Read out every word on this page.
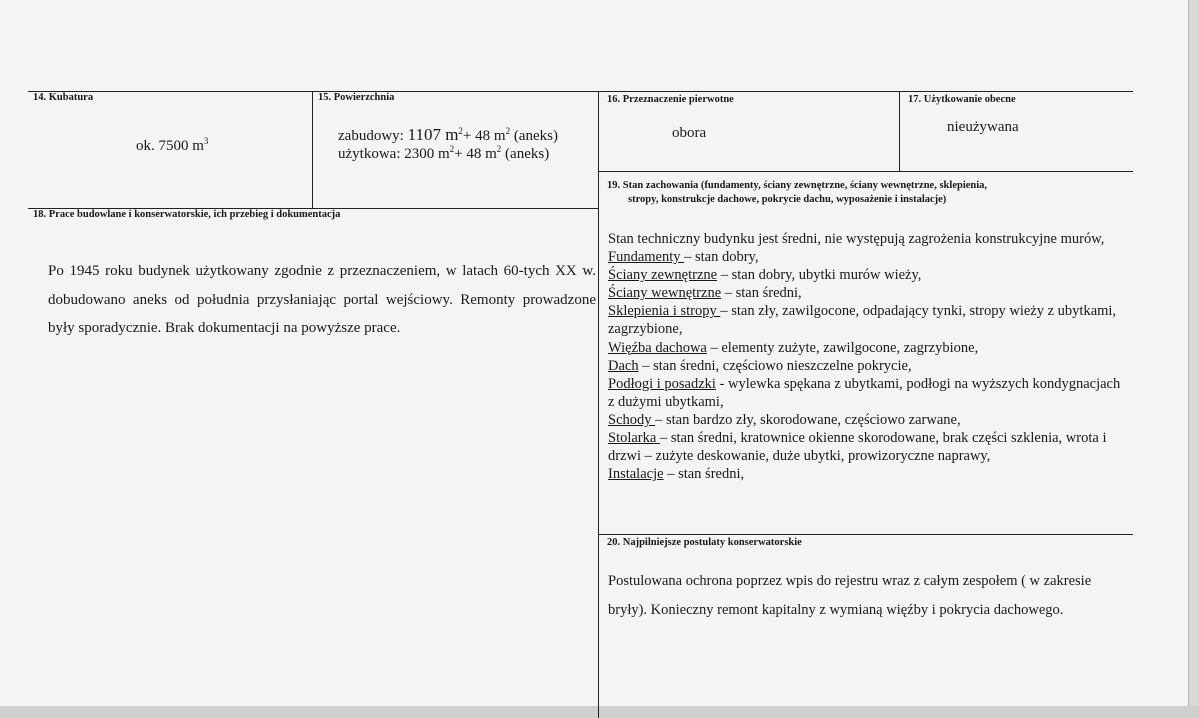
14. Kubatura
ok. 7500 $m^3$
15. Powierzchnia
zabudowy: 1107 $m^2+ 48$ $m^2$ (aneks)
użytkowa: 2300 $m^2+ 48$ $m^2$ (aneks)
16. Przeznaczenie pierwotne
obora
17. Użytkowanie obecne
nieużywana
18. Prace budowlane i konserwatorskie, ich przebieg i dokumentacja
Po 1945 roku budynek użytkowany zgodnie z przeznaczeniem, w latach 60-tych XX w. dobudowano aneks od południa przysłaniając portal wejściowy. Remonty prowadzone były sporadycznie. Brak dokumentacji na powyższe prace.
19. Stan zachowania (fundamenty, ściany zewnętrzne, ściany wewnętrzne, sklepienia,
stropy, konstrukcje dachowe, pokrycie dachu, wyposażenie i instalacje)
Stan techniczny budynku jest średni, nie występują zagrożenia konstrukcyjne murów,
Fundamenty – stan dobry,
Ściany zewnętrzne – stan dobry, ubytki murów wieży,
Ściany wewnętrzne – stan średni,
Sklepienia i stropy – stan zły, zawilgocone, odpadający tynki, stropy wieży z ubytkami, zagrzybione,
Więźba dachowa – elementy zużyte, zawilgocone, zagrzybione,
Dach – stan średni, częściowo nieszczelne pokrycie,
Podłogi i posadzki - wylewka spękana z ubytkami, podłogi na wyższych kondygnacjach z dużymi ubytkami,
Schody – stan bardzo zły, skorodowane, częściowo zarwane,
Stolarka – stan średni, kratownice okienne skorodowane, brak części szklenia, wrota i drzwi – zużyte deskowanie, duże ubytki, prowizoryczne naprawy,
Instalacje – stan średni,
20. Najpilniejsze postulaty konserwatorskie
Postulowana ochrona poprzez wpis do rejestru wraz z całym zespołem ( w zakresie bryły). Konieczny remont kapitalny z wymianą więźby i pokrycia dachowego.
